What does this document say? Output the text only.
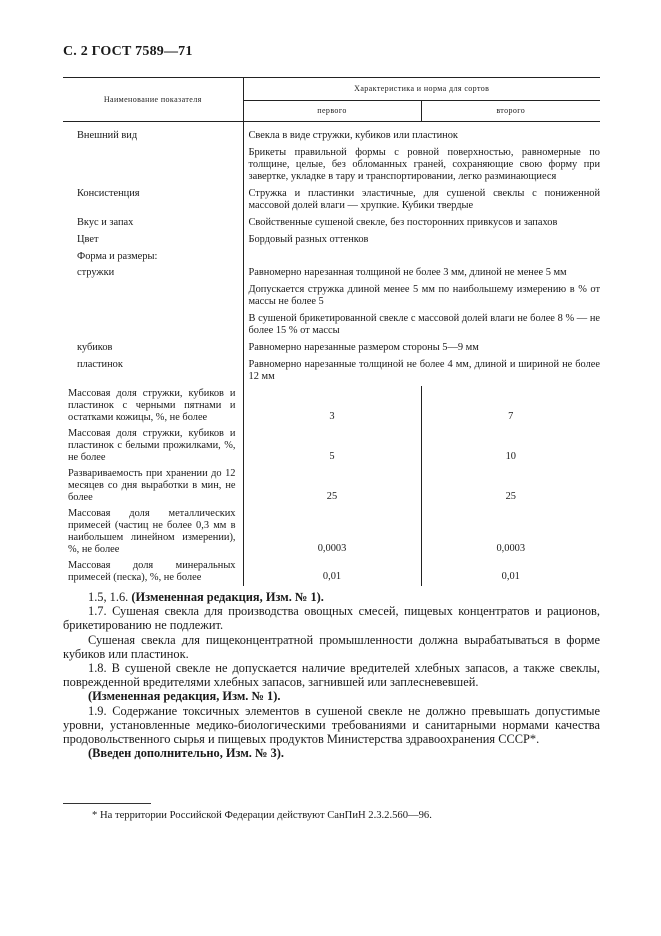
С. 2 ГОСТ 7589—71
Наименование показателя	Характеристика и норма для сортов	
	первого	второго

Внешний вид	Свекла в виде стружки, кубиков или пластинок	
	Брикеты правильной формы с ровной поверхностью, равномерные по толщине, целые, без обломанных граней, сохраняющие свою форму при завертке, укладке в тару и транспортировании, легко разминающиеся	
Консистенция	Стружка и пластинки эластичные, для сушеной свеклы с пониженной массовой долей влаги — хрупкие. Кубики твердые	
Вкус и запах	Свойственные сушеной свекле, без посторонних привкусов и запахов	
Цвет	Бордовый разных оттенков	
Форма и размеры:		
стружки	Равномерно нарезанная толщиной не более 3 мм, длиной не менее 5 мм	
	Допускается стружка длиной менее 5 мм по наибольшему измерению в % от массы не более 5	
	В сушеной брикетированной свекле с массовой долей влаги не более 8 % — не более 15 % от массы	
кубиков	Равномерно нарезанные размером стороны 5—9 мм	
пластинок	Равномерно нарезанные толщиной не более 4 мм, длиной и шириной не более 12 мм	
Массовая доля стружки, кубиков и пластинок с черными пятнами и остатками кожицы, %, не более	3	7
Массовая доля стружки, кубиков и пластинок с белыми прожилками, %, не более	5	10
Развариваемость при хранении до 12 месяцев со дня выработки в мин, не более	25	25
Массовая доля металлических примесей (частиц не более 0,3 мм в наибольшем линейном измерении), %, не более	0,0003	0,0003
Массовая доля минеральных примесей (песка), %, не более	0,01	0,01

1.5, 1.6. (Измененная редакция, Изм. № 1).

1.7. Сушеная свекла для производства овощных смесей, пищевых концентратов и рационов, брикетированию не подлежит.

Сушеная свекла для пищеконцентратной промышленности должна вырабатываться в форме кубиков или пластинок.

1.8. В сушеной свекле не допускается наличие вредителей хлебных запасов, а также свеклы, поврежденной вредителями хлебных запасов, загнившей или заплесневевшей.

(Измененная редакция, Изм. № 1).

1.9. Содержание токсичных элементов в сушеной свекле не должно превышать допустимые уровни, установленные медико-биологическими требованиями и санитарными нормами качества продовольственного сырья и пищевых продуктов Министерства здравоохранения СССР*.

(Введен дополнительно, Изм. № 3).

* На территории Российской Федерации действуют СанПиН 2.3.2.560—96.
